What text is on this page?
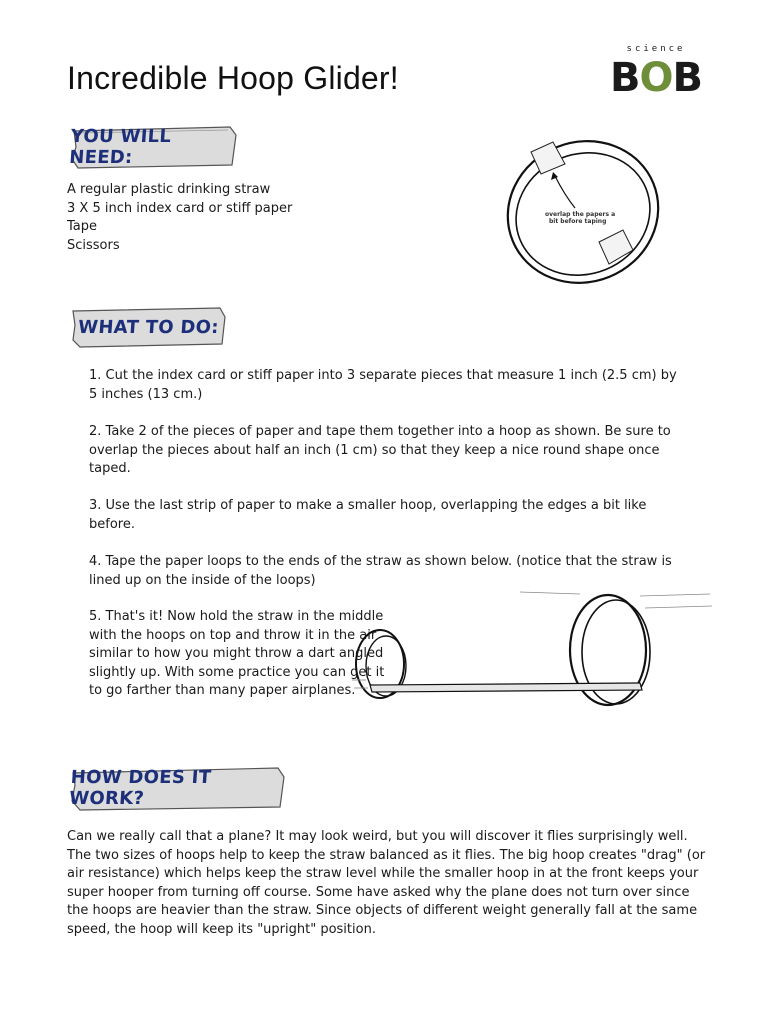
Incredible Hoop Glider!
science
BOB
YOU WILL NEED:
A regular plastic drinking straw
3 X 5 inch index card or stiff paper
Tape
Scissors
overlap the papers a
bit before taping
WHAT TO DO:
1. Cut the index card or stiff paper into 3 separate pieces that measure 1 inch (2.5 cm) by 5 inches (13 cm.)
2. Take 2 of the pieces of paper and tape them together into a hoop as shown. Be sure to overlap the pieces about half an inch (1 cm) so that they keep a nice round shape once taped.
3. Use the last strip of paper to make a smaller hoop, overlapping the edges a bit like before.
4. Tape the paper loops to the ends of the straw as shown below. (notice that the straw is lined up on the inside of the loops)
5. That's it! Now hold the straw in the middle with the hoops on top and throw it in the air similar to how you might throw a dart angled slightly up. With some practice you can get it to go farther than many paper airplanes.
HOW DOES IT WORK?
Can we really call that a plane? It may look weird, but you will discover it flies surprisingly well. The two sizes of hoops help to keep the straw balanced as it flies. The big hoop creates "drag" (or air resistance) which helps keep the straw level while the smaller hoop in at the front keeps your super hooper from turning off course. Some have asked why the plane does not turn over since the hoops are heavier than the straw. Since objects of different weight generally fall at the same speed, the hoop will keep its "upright" position.
